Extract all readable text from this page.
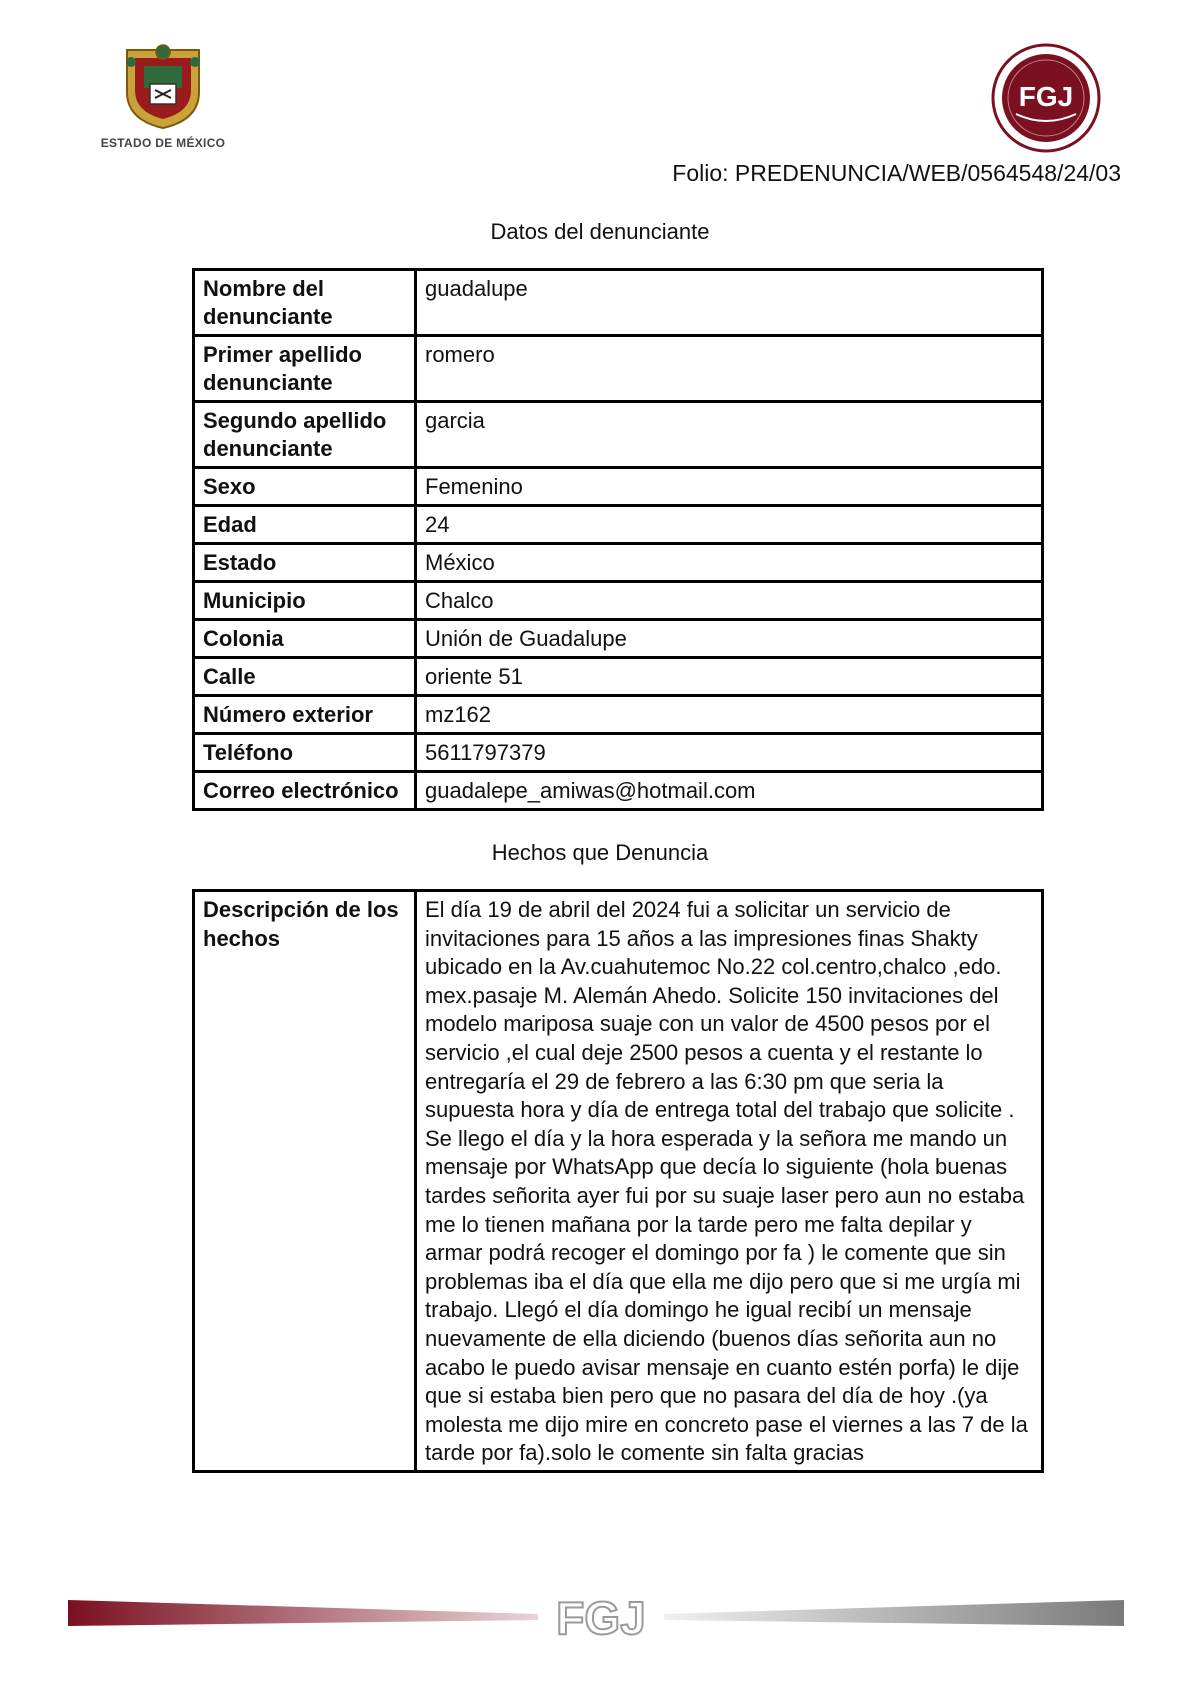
ESTADO DE MÉXICO
FGJ
Folio: PREDENUNCIA/WEB/0564548/24/03
Datos del denunciante
Nombre del denunciante	guadalupe
Primer apellido denunciante	romero
Segundo apellido denunciante	garcia
Sexo	Femenino
Edad	24
Estado	México
Municipio	Chalco
Colonia	Unión de Guadalupe
Calle	oriente 51
Número exterior	mz162
Teléfono	5611797379
Correo electrónico	guadalepe_amiwas@hotmail.com
Hechos que Denuncia
Descripción de los hechos	El día 19 de abril del 2024 fui a solicitar un servicio de invitaciones para 15 años a las impresiones finas Shakty ubicado en la Av.cuahutemoc No.22 col.centro,chalco ,edo. mex.pasaje M. Alemán Ahedo. Solicite 150 invitaciones del modelo mariposa suaje con un valor de 4500 pesos por el servicio ,el cual deje 2500 pesos a cuenta y el restante lo entregaría el 29 de febrero a las 6:30 pm que seria la supuesta hora y día de entrega total del trabajo que solicite . Se llego el día y la hora esperada y la señora me mando un mensaje por WhatsApp que decía lo siguiente (hola buenas tardes señorita ayer fui por su suaje laser pero aun no estaba me lo tienen mañana por la tarde pero me falta depilar y armar podrá recoger el domingo por fa ) le comente que sin problemas iba el día que ella me dijo pero que si me urgía mi trabajo. Llegó el día domingo he igual recibí un mensaje nuevamente de ella diciendo (buenos días señorita aun no acabo le puedo avisar mensaje en cuanto estén porfa) le dije que si estaba bien pero que no pasara del día de hoy .(ya molesta me dijo mire en concreto pase el viernes a las 7 de la tarde por fa).solo le comente sin falta gracias
FGJ
